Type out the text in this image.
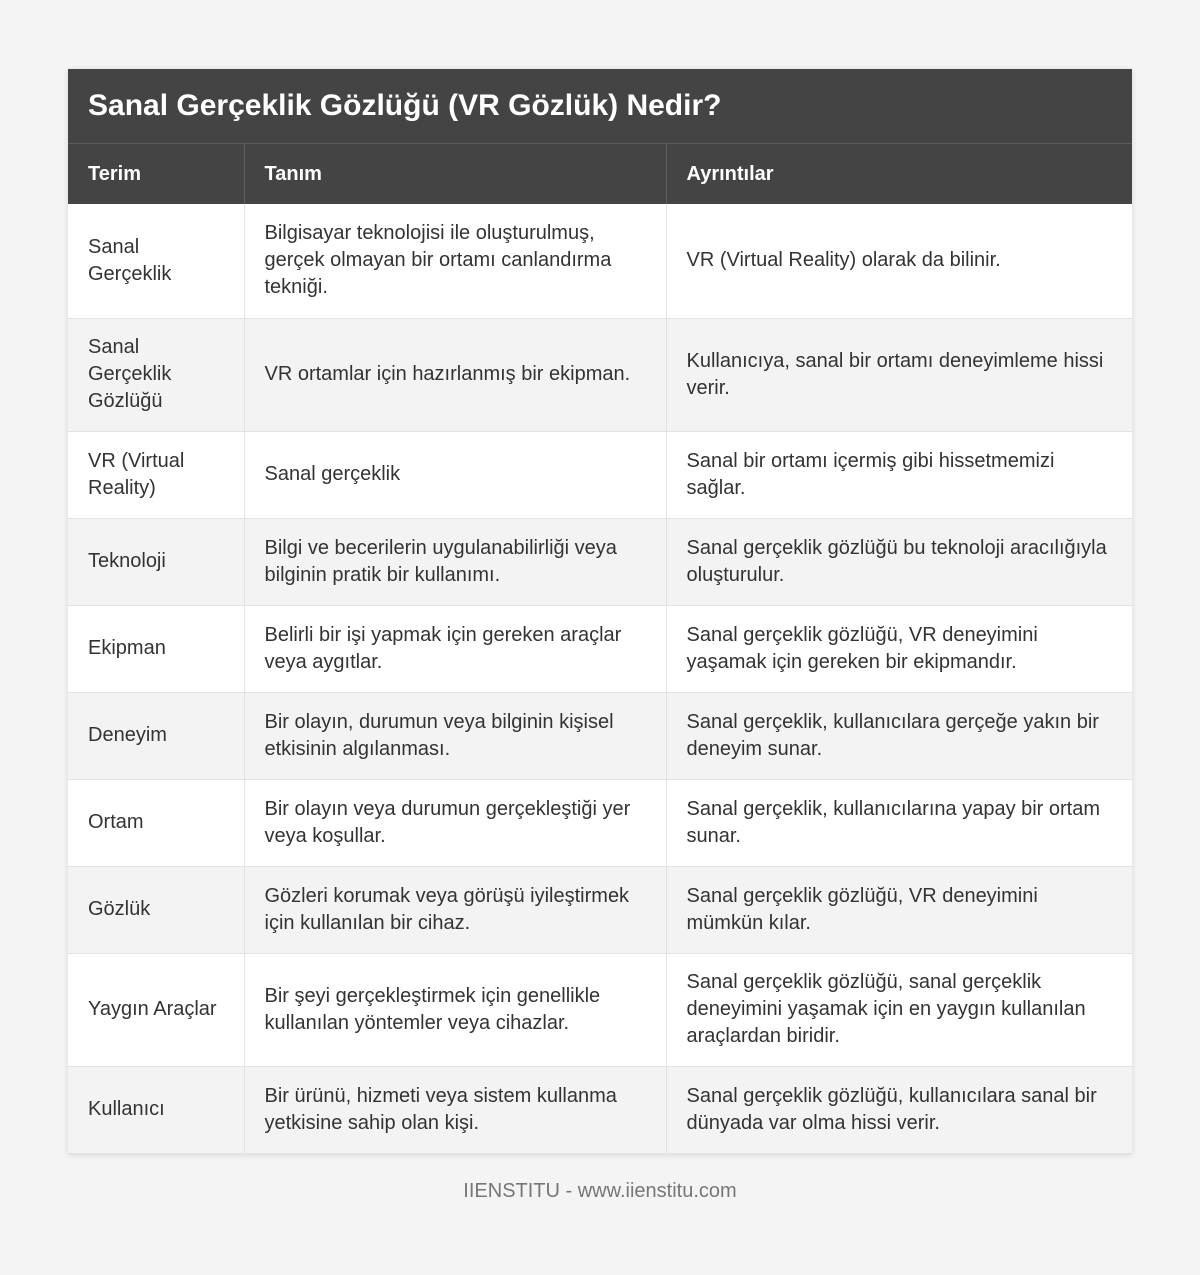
Sanal Gerçeklik Gözlüğü (VR Gözlük) Nedir?
Terim	Tanım	Ayrıntılar
Sanal Gerçeklik	Bilgisayar teknolojisi ile oluşturulmuş, gerçek olmayan bir ortamı canlandırma tekniği.	VR (Virtual Reality) olarak da bilinir.
Sanal Gerçeklik Gözlüğü	VR ortamlar için hazırlanmış bir ekipman.	Kullanıcıya, sanal bir ortamı deneyimleme hissi verir.
VR (Virtual Reality)	Sanal gerçeklik	Sanal bir ortamı içermiş gibi hissetmemizi sağlar.
Teknoloji	Bilgi ve becerilerin uygulanabilirliği veya bilginin pratik bir kullanımı.	Sanal gerçeklik gözlüğü bu teknoloji aracılığıyla oluşturulur.
Ekipman	Belirli bir işi yapmak için gereken araçlar veya aygıtlar.	Sanal gerçeklik gözlüğü, VR deneyimini yaşamak için gereken bir ekipmandır.
Deneyim	Bir olayın, durumun veya bilginin kişisel etkisinin algılanması.	Sanal gerçeklik, kullanıcılara gerçeğe yakın bir deneyim sunar.
Ortam	Bir olayın veya durumun gerçekleştiği yer veya koşullar.	Sanal gerçeklik, kullanıcılarına yapay bir ortam sunar.
Gözlük	Gözleri korumak veya görüşü iyileştirmek için kullanılan bir cihaz.	Sanal gerçeklik gözlüğü, VR deneyimini mümkün kılar.
Yaygın Araçlar	Bir şeyi gerçekleştirmek için genellikle kullanılan yöntemler veya cihazlar.	Sanal gerçeklik gözlüğü, sanal gerçeklik deneyimini yaşamak için en yaygın kullanılan araçlardan biridir.
Kullanıcı	Bir ürünü, hizmeti veya sistem kullanma yetkisine sahip olan kişi.	Sanal gerçeklik gözlüğü, kullanıcılara sanal bir dünyada var olma hissi verir.
IIENSTITU - www.iienstitu.com
